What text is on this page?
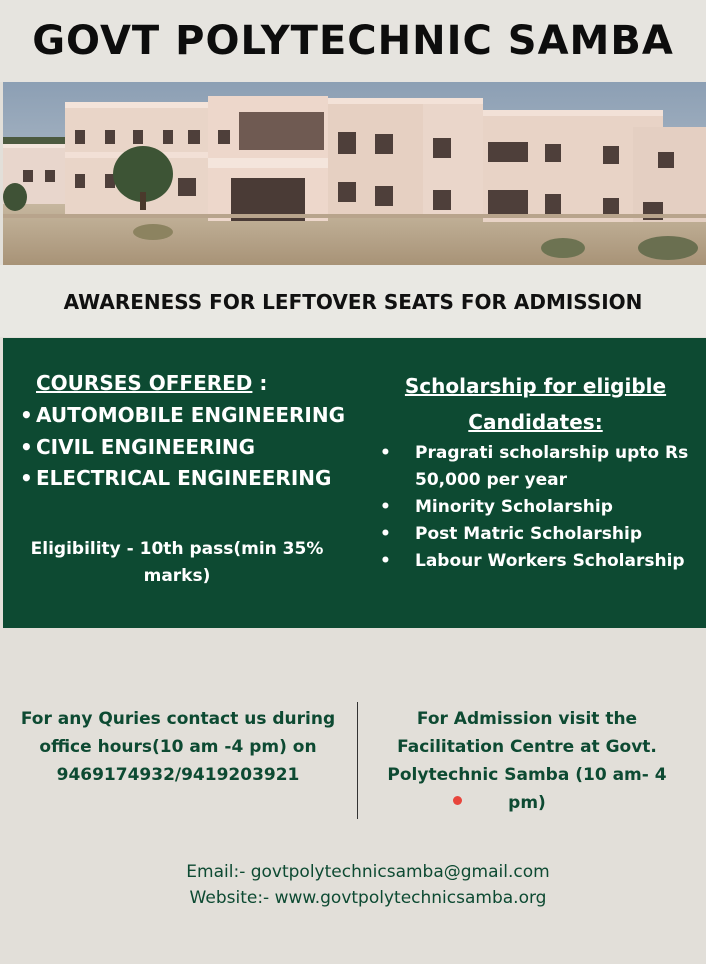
GOVT POLYTECHNIC SAMBA
AWARENESS FOR LEFTOVER SEATS FOR ADMISSION
COURSES OFFERED :
• AUTOMOBILE ENGINEERING
• CIVIL ENGINEERING
• ELECTRICAL ENGINEERING
Eligibility - 10th pass(min 35% marks)
Scholarship for eligible Candidates:
• Pragrati scholarship upto Rs 50,000 per year
• Minority Scholarship
• Post Matric Scholarship
• Labour Workers Scholarship
For any Quries contact us during office hours(10 am -4 pm) on 9469174932/9419203921
For Admission visit the Facilitation Centre at Govt. Polytechnic Samba (10 am- 4 pm)
Email:- govtpolytechnicsamba@gmail.com
Website:- www.govtpolytechnicsamba.org
